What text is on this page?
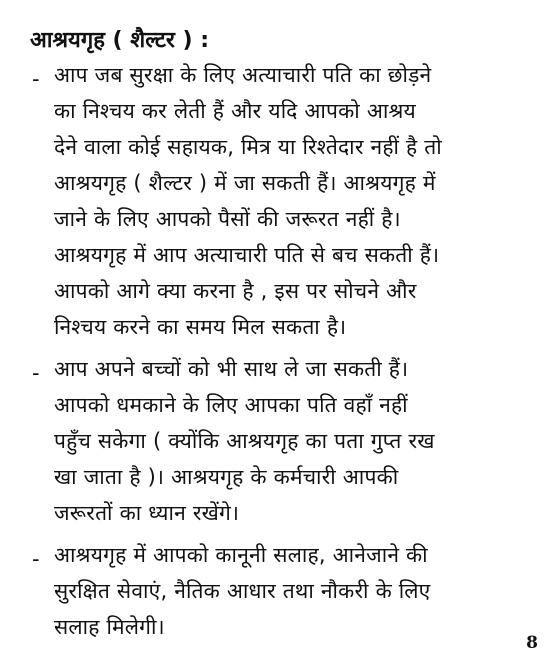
आश्रयगृह ( शैल्टर ) :
- आप जब सुरक्षा के लिए अत्याचारी पति का छोड़ने
का निश्चय कर लेती हैं और यदि आपको आश्रय
देने वाला कोई सहायक, मित्र या रिश्तेदार नहीं है तो
आश्रयगृह ( शैल्टर ) में जा सकती हैं। आश्रयगृह में
जाने के लिए आपको पैसों की जरूरत नहीं है।
आश्रयगृह में आप अत्याचारी पति से बच सकती हैं।
आपको आगे क्या करना है , इस पर सोचने और
निश्चय करने का समय मिल सकता है।
- आप अपने बच्चों को भी साथ ले जा सकती हैं।
आपको धमकाने के लिए आपका पति वहाँ नहीं
पहुँच सकेगा ( क्योंकि आश्रयगृह का पता गुप्त रख
खा जाता है )। आश्रयगृह के कर्मचारी आपकी
जरूरतों का ध्यान रखेंगे।
- आश्रयगृह में आपको कानूनी सलाह, आनेजाने की
सुरक्षित सेवाएं, नैतिक आधार तथा नौकरी के लिए
सलाह मिलेगी।
8
